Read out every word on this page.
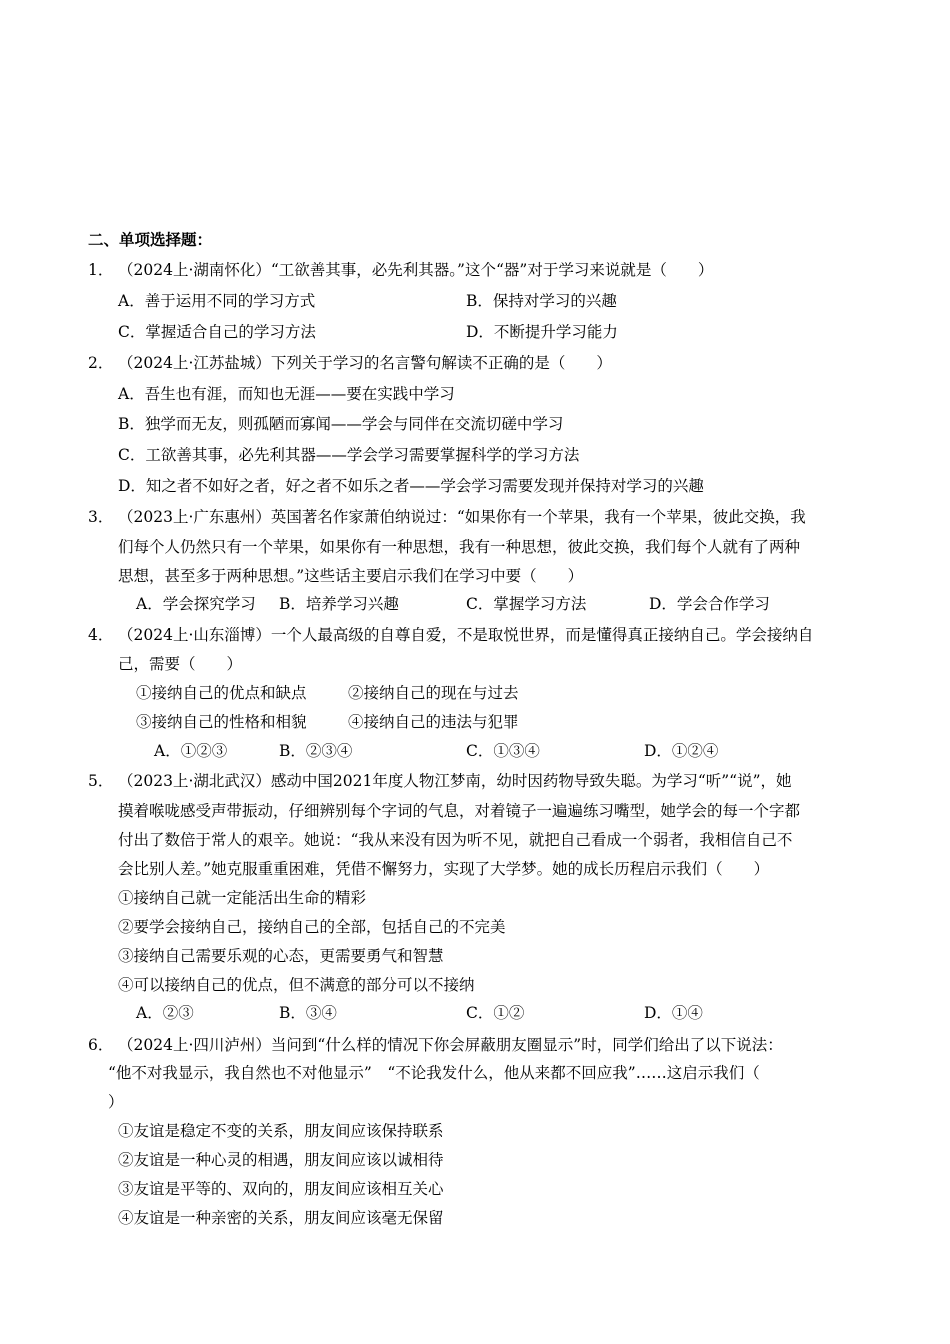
二、单项选择题：
1． （2024上·湖南怀化）“工欲善其事，必先利其器。”这个“器”对于学习来说就是（　　）
A．善于运用不同的学习方式	B．保持对学习的兴趣
C．掌握适合自己的学习方法	D．不断提升学习能力
2． （2024上·江苏盐城）下列关于学习的名言警句解读不正确的是（　　）
A．吾生也有涯，而知也无涯——要在实践中学习
B．独学而无友，则孤陋而寡闻——学会与同伴在交流切磋中学习
C．工欲善其事，必先利其器——学会学习需要掌握科学的学习方法
D．知之者不如好之者，好之者不如乐之者——学会学习需要发现并保持对学习的兴趣
3． （2023上·广东惠州）英国著名作家萧伯纳说过：“如果你有一个苹果，我有一个苹果，彼此交换，我
们每个人仍然只有一个苹果，如果你有一种思想，我有一种思想，彼此交换，我们每个人就有了两种
思想，甚至多于两种思想。”这些话主要启示我们在学习中要（　　）
A．学会探究学习 B．培养学习兴趣	C．掌握学习方法	D．学会合作学习
4． （2024上·山东淄博）一个人最高级的自尊自爱，不是取悦世界，而是懂得真正接纳自己。学会接纳自
己，需要（　　）
①接纳自己的优点和缺点	②接纳自己的现在与过去
③接纳自己的性格和相貌	④接纳自己的违法与犯罪
A．①②③	B．②③④	C．①③④	D．①②④
5． （2023上·湖北武汉）感动中国2021年度人物江梦南，幼时因药物导致失聪。为学习“听”“说”，她
摸着喉咙感受声带振动，仔细辨别每个字词的气息，对着镜子一遍遍练习嘴型，她学会的每一个字都
付出了数倍于常人的艰辛。她说：“我从来没有因为听不见，就把自己看成一个弱者，我相信自己不
会比别人差。”她克服重重困难，凭借不懈努力，实现了大学梦。她的成长历程启示我们（　　）
①接纳自己就一定能活出生命的精彩
②要学会接纳自己，接纳自己的全部，包括自己的不完美
③接纳自己需要乐观的心态，更需要勇气和智慧
④可以接纳自己的优点，但不满意的部分可以不接纳
A．②③	B．③④	C．①②	D．①④
6． （2024上·四川泸州）当问到“什么样的情况下你会屏蔽朋友圈显示”时，同学们给出了以下说法：
“他不对我显示，我自然也不对他显示”　“不论我发什么，他从来都不回应我”……这启示我们（
）
①友谊是稳定不变的关系，朋友间应该保持联系
②友谊是一种心灵的相遇，朋友间应该以诚相待
③友谊是平等的、双向的，朋友间应该相互关心
④友谊是一种亲密的关系，朋友间应该毫无保留
